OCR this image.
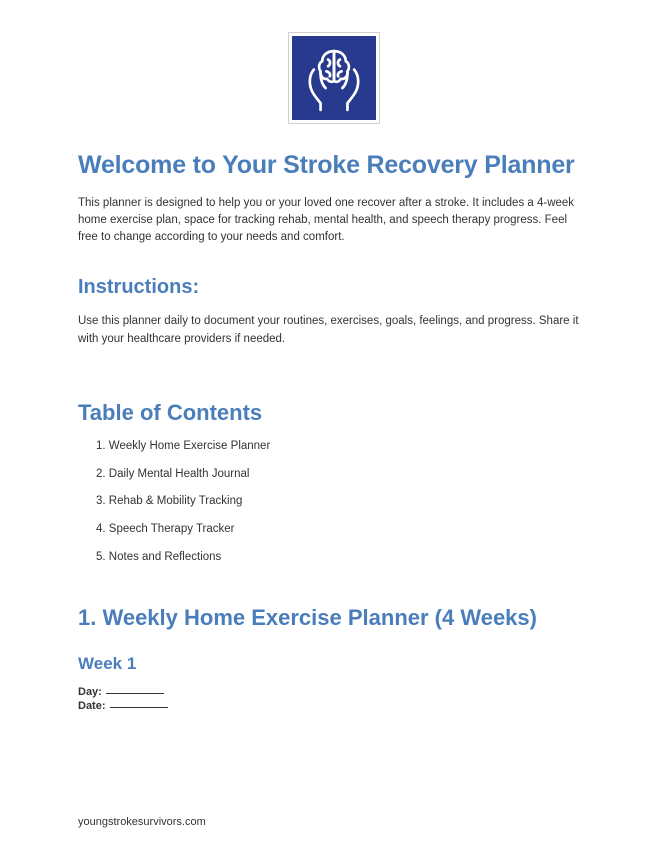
Welcome to Your Stroke Recovery Planner

This planner is designed to help you or your loved one recover after a stroke. It includes a 4-week home exercise plan, space for tracking rehab, mental health, and speech therapy progress. Feel free to change according to your needs and comfort.

Instructions:

Use this planner daily to document your routines, exercises, goals, feelings, and progress. Share it with your healthcare providers if needed.

Table of Contents
1. Weekly Home Exercise Planner
2. Daily Mental Health Journal
3. Rehab & Mobility Tracking
4. Speech Therapy Tracker
5. Notes and Reflections
1. Weekly Home Exercise Planner (4 Weeks)
Week 1
Day:
Date:
youngstrokesurvivors.com
